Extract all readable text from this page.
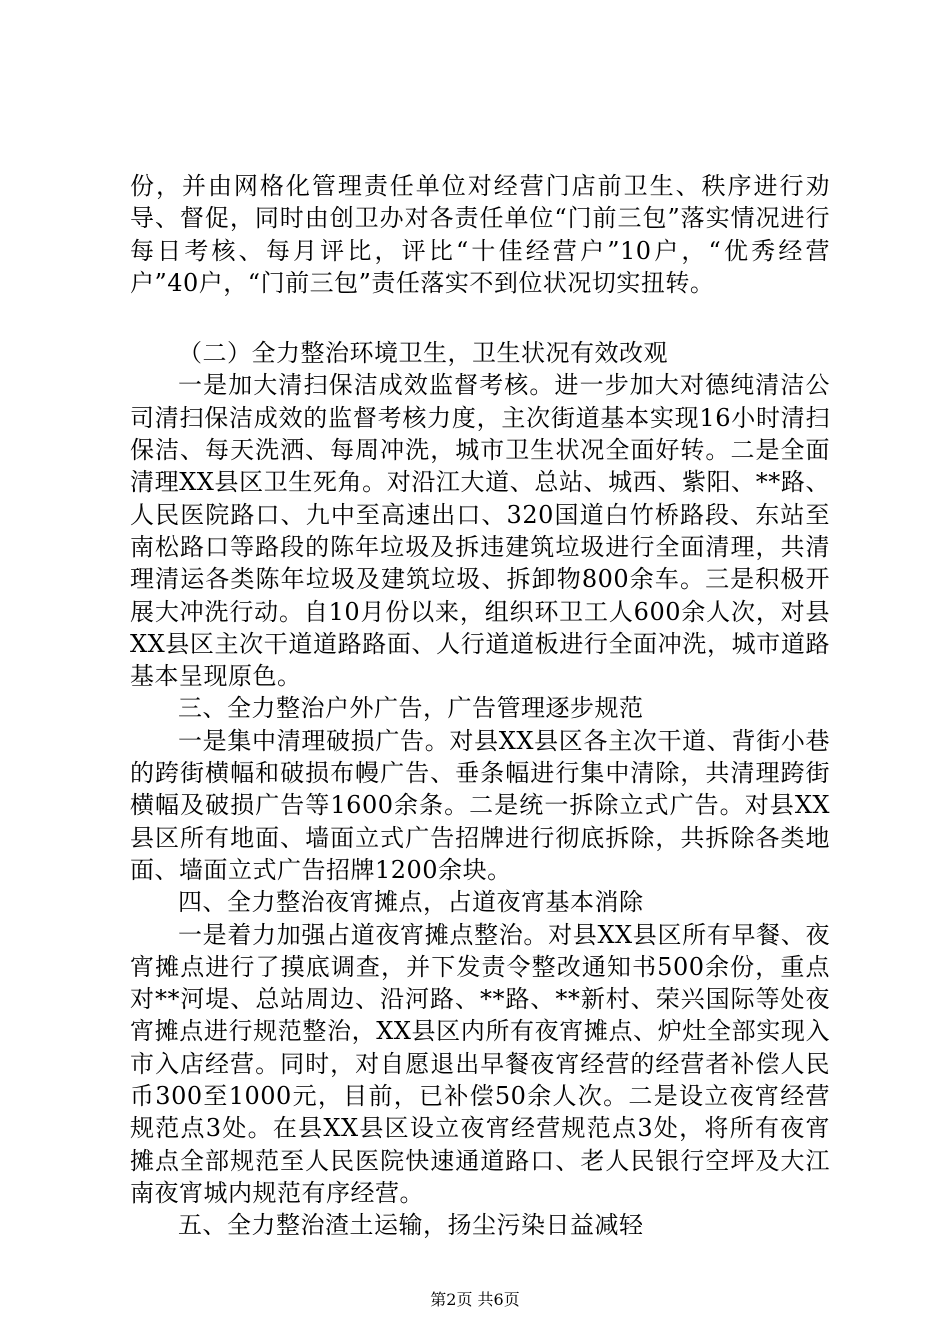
份，并由网格化管理责任单位对经营门店前卫生、秩序进行劝导、督促，同时由创卫办对各责任单位“门前三包”落实情况进行每日考核、每月评比，评比“十佳经营户”10户，“优秀经营户”40户，“门前三包”责任落实不到位状况切实扭转。

（二）全力整治环境卫生，卫生状况有效改观

一是加大清扫保洁成效监督考核。进一步加大对德纯清洁公司清扫保洁成效的监督考核力度，主次街道基本实现16小时清扫保洁、每天洗洒、每周冲洗，城市卫生状况全面好转。二是全面清理XX县区卫生死角。对沿江大道、总站、城西、紫阳、**路、人民医院路口、九中至高速出口、320国道白竹桥路段、东站至南松路口等路段的陈年垃圾及拆违建筑垃圾进行全面清理，共清理清运各类陈年垃圾及建筑垃圾、拆卸物800余车。三是积极开展大冲洗行动。自10月份以来，组织环卫工人600余人次，对县XX县区主次干道道路路面、人行道道板进行全面冲洗，城市道路基本呈现原色。

三、全力整治户外广告，广告管理逐步规范

一是集中清理破损广告。对县XX县区各主次干道、背街小巷的跨街横幅和破损布幔广告、垂条幅进行集中清除，共清理跨街横幅及破损广告等1600余条。二是统一拆除立式广告。对县XX县区所有地面、墙面立式广告招牌进行彻底拆除，共拆除各类地面、墙面立式广告招牌1200余块。

四、全力整治夜宵摊点，占道夜宵基本消除

一是着力加强占道夜宵摊点整治。对县XX县区所有早餐、夜宵摊点进行了摸底调查，并下发责令整改通知书500余份，重点对**河堤、总站周边、沿河路、**路、**新村、荣兴国际等处夜宵摊点进行规范整治，XX县区内所有夜宵摊点、炉灶全部实现入市入店经营。同时，对自愿退出早餐夜宵经营的经营者补偿人民币300至1000元，目前，已补偿50余人次。二是设立夜宵经营规范点3处。在县XX县区设立夜宵经营规范点3处，将所有夜宵摊点全部规范至人民医院快速通道路口、老人民银行空坪及大江南夜宵城内规范有序经营。

五、全力整治渣土运输，扬尘污染日益减轻

第2页 共6页
